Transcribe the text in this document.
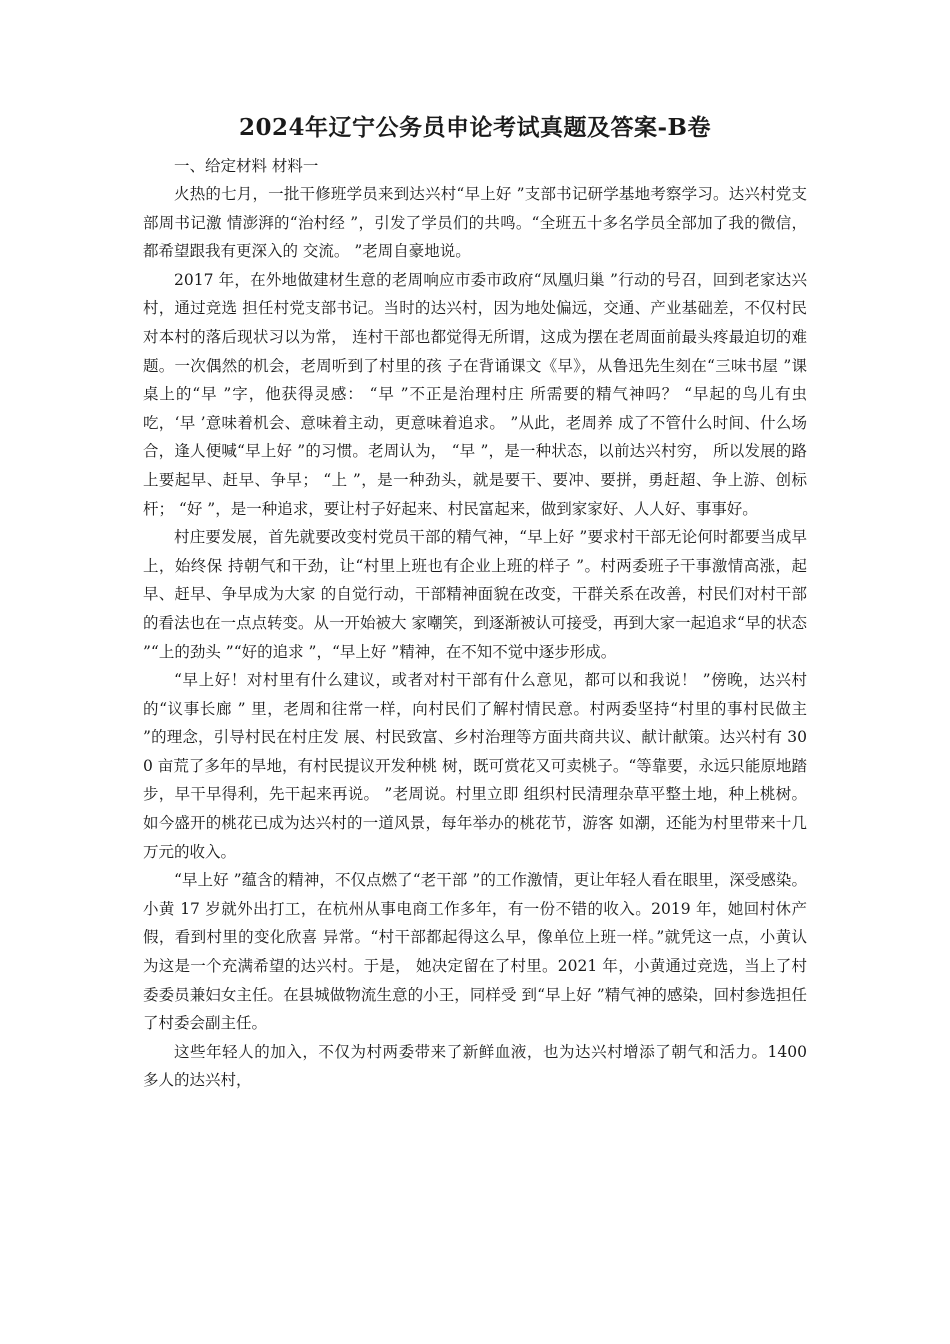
2024年辽宁公务员申论考试真题及答案-B卷

一、给定材料 材料一

火热的七月，一批干修班学员来到达兴村“早上好 ”支部书记研学基地考察学习。达兴村党支部周书记激 情澎湃的“治村经 ”，引发了学员们的共鸣。“全班五十多名学员全部加了我的微信，都希望跟我有更深入的 交流。 ”老周自豪地说。

2017 年，在外地做建材生意的老周响应市委市政府“凤凰归巢 ”行动的号召，回到老家达兴村，通过竞选 担任村党支部书记。当时的达兴村，因为地处偏远，交通、产业基础差，不仅村民对本村的落后现状习以为常， 连村干部也都觉得无所谓，这成为摆在老周面前最头疼最迫切的难题。一次偶然的机会，老周听到了村里的孩 子在背诵课文《早》，从鲁迅先生刻在“三味书屋 ”课桌上的“早 ”字，他获得灵感： “早 ”不正是治理村庄 所需要的精气神吗？ “早起的鸟儿有虫吃，‘早 ’意味着机会、意味着主动，更意味着追求。 ”从此，老周养 成了不管什么时间、什么场合，逢人便喊“早上好 ”的习惯。老周认为， “早 ”，是一种状态，以前达兴村穷， 所以发展的路上要起早、赶早、争早； “上 ”，是一种劲头，就是要干、要冲、要拼，勇赶超、争上游、创标 杆； “好 ”，是一种追求，要让村子好起来、村民富起来，做到家家好、人人好、事事好。

村庄要发展，首先就要改变村党员干部的精气神，“早上好 ”要求村干部无论何时都要当成早上，始终保 持朝气和干劲，让“村里上班也有企业上班的样子 ”。村两委班子干事激情高涨，起早、赶早、争早成为大家 的自觉行动，干部精神面貌在改变，干群关系在改善，村民们对村干部的看法也在一点点转变。从一开始被大 家嘲笑，到逐渐被认可接受，再到大家一起追求“早的状态 ”“上的劲头 ”“好的追求 ”，“早上好 ”精神，在不知不觉中逐步形成。

“早上好！对村里有什么建议，或者对村干部有什么意见，都可以和我说！ ”傍晚，达兴村的“议事长廊 ” 里，老周和往常一样，向村民们了解村情民意。村两委坚持“村里的事村民做主 ”的理念，引导村民在村庄发 展、村民致富、乡村治理等方面共商共议、献计献策。达兴村有 300 亩荒了多年的旱地，有村民提议开发种桃 树，既可赏花又可卖桃子。“等靠要，永远只能原地踏步，早干早得利，先干起来再说。 ”老周说。村里立即 组织村民清理杂草平整土地，种上桃树。如今盛开的桃花已成为达兴村的一道风景，每年举办的桃花节，游客 如潮，还能为村里带来十几万元的收入。

“早上好 ”蕴含的精神，不仅点燃了“老干部 ”的工作激情，更让年轻人看在眼里，深受感染。小黄 17 岁就外出打工，在杭州从事电商工作多年，有一份不错的收入。2019 年，她回村休产假，看到村里的变化欣喜 异常。“村干部都起得这么早，像单位上班一样。”就凭这一点，小黄认为这是一个充满希望的达兴村。于是， 她决定留在了村里。2021 年，小黄通过竞选，当上了村委委员兼妇女主任。在县城做物流生意的小王，同样受 到“早上好 ”精气神的感染，回村参选担任了村委会副主任。

这些年轻人的加入，不仅为村两委带来了新鲜血液，也为达兴村增添了朝气和活力。1400 多人的达兴村，
